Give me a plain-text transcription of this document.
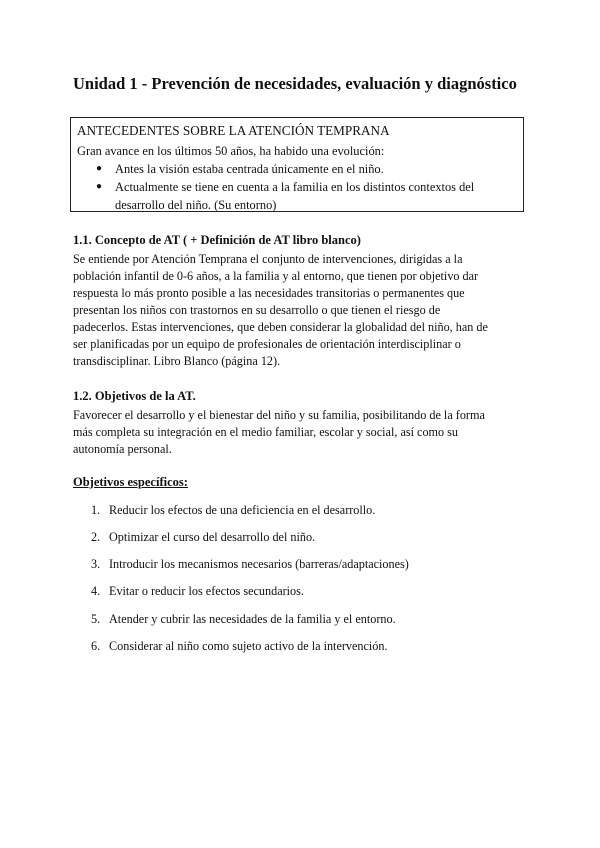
Unidad 1 - Prevención de necesidades, evaluación y diagnóstico
ANTECEDENTES SOBRE LA ATENCIÓN TEMPRANA
Gran avance en los últimos 50 años, ha habido una evolución:
●	Antes la visión estaba centrada únicamente en el niño.
●	Actualmente se tiene en cuenta a la familia en los distintos contextos del
desarrollo del niño. (Su entorno)
1.1. Concepto de AT ( + Definición de AT libro blanco)
Se entiende por Atención Temprana el conjunto de intervenciones, dirigidas a la
población infantil de 0-6 años, a la familia y al entorno, que tienen por objetivo dar
respuesta lo más pronto posible a las necesidades transitorias o permanentes que
presentan los niños con trastornos en su desarrollo o que tienen el riesgo de
padecerlos. Estas intervenciones, que deben considerar la globalidad del niño, han de
ser planificadas por un equipo de profesionales de orientación interdisciplinar o
transdisciplinar. Libro Blanco (página 12).
1.2. Objetivos de la AT.
Favorecer el desarrollo y el bienestar del niño y su familia, posibilitando de la forma
más completa su integración en el medio familiar, escolar y social, así como su
autonomía personal.
Objetivos específicos:
1. Reducir los efectos de una deficiencia en el desarrollo.
2. Optimizar el curso del desarrollo del niño.
3. Introducir los mecanismos necesarios (barreras/adaptaciones)
4. Evitar o reducir los efectos secundarios.
5. Atender y cubrir las necesidades de la familia y el entorno.
6. Considerar al niño como sujeto activo de la intervención.
